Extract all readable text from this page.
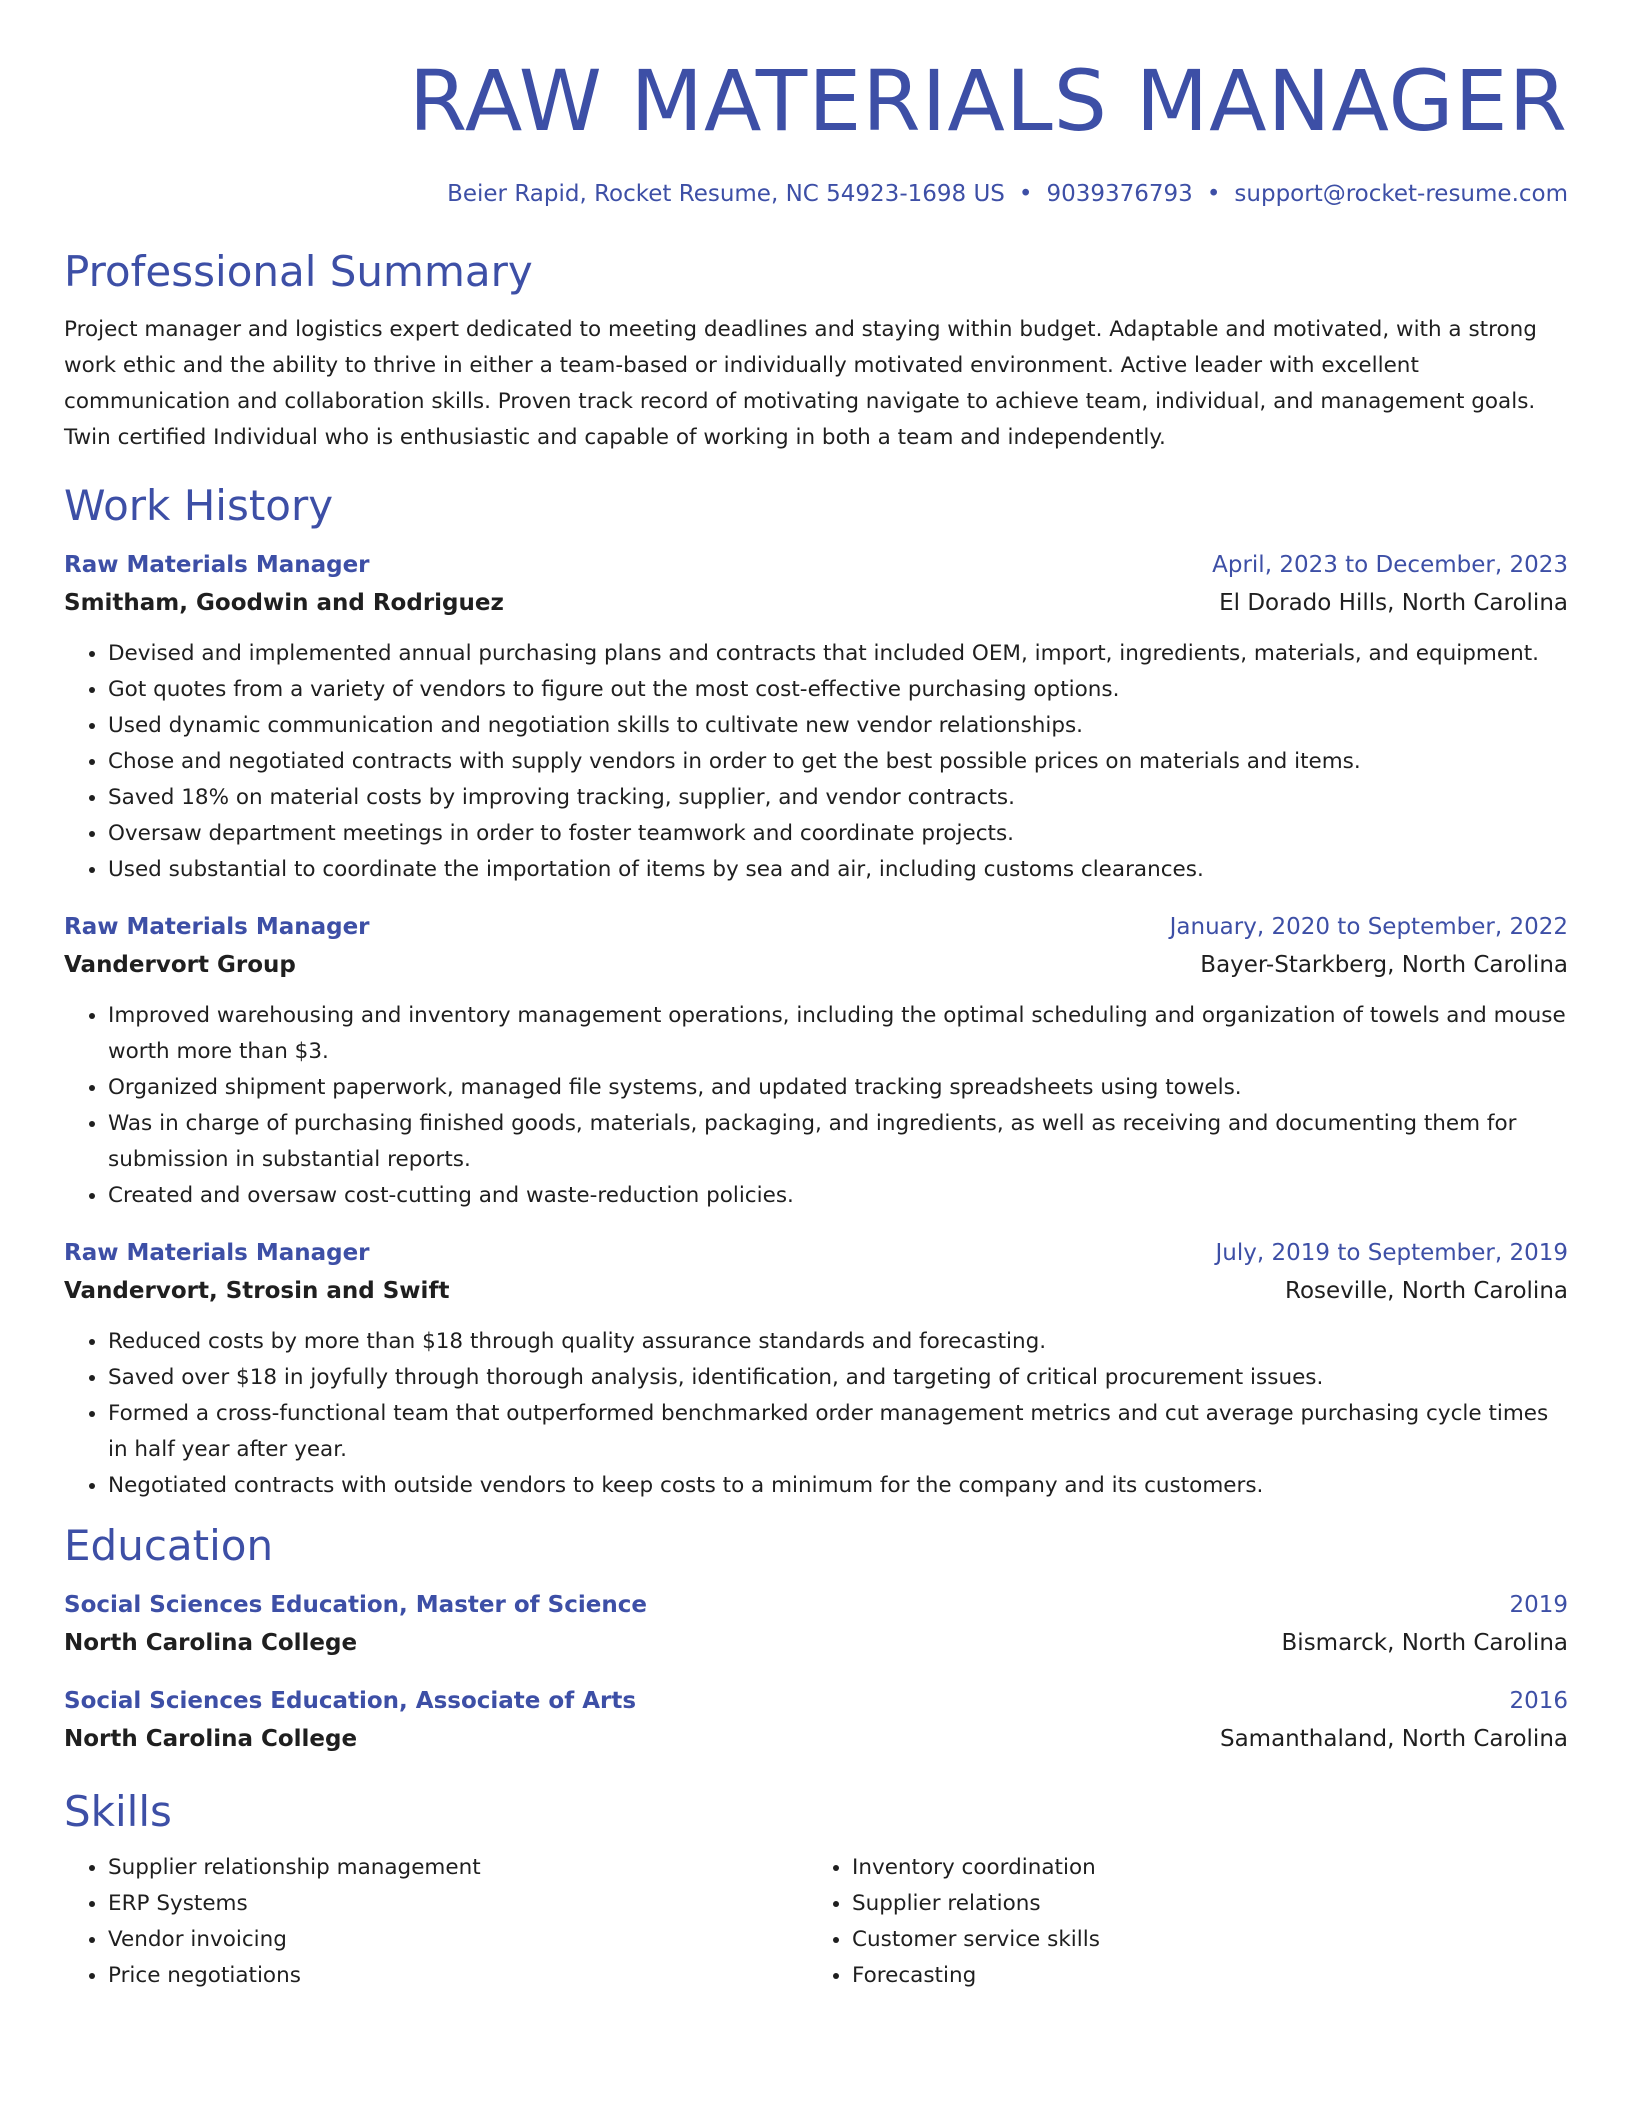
RAW MATERIALS MANAGER
Beier Rapid, Rocket Resume, NC 54923-1698 US • 9039376793 • support@rocket-resume.com
Professional Summary

Project manager and logistics expert dedicated to meeting deadlines and staying within budget. Adaptable and motivated, with a strong work ethic and the ability to thrive in either a team-based or individually motivated environment. Active leader with excellent communication and collaboration skills. Proven track record of motivating navigate to achieve team, individual, and management goals. Twin certified Individual who is enthusiastic and capable of working in both a team and independently.

Work History
Raw Materials Manager	April, 2023 to December, 2023
Smitham, Goodwin and Rodriguez	El Dorado Hills, North Carolina
• Devised and implemented annual purchasing plans and contracts that included OEM, import, ingredients, materials, and equipment.
• Got quotes from a variety of vendors to figure out the most cost-effective purchasing options.
• Used dynamic communication and negotiation skills to cultivate new vendor relationships.
• Chose and negotiated contracts with supply vendors in order to get the best possible prices on materials and items.
• Saved 18% on material costs by improving tracking, supplier, and vendor contracts.
• Oversaw department meetings in order to foster teamwork and coordinate projects.
• Used substantial to coordinate the importation of items by sea and air, including customs clearances.
Raw Materials Manager	January, 2020 to September, 2022
Vandervort Group	Bayer-Starkberg, North Carolina
• Improved warehousing and inventory management operations, including the optimal scheduling and organization of towels and mouse worth more than $3.
• Organized shipment paperwork, managed file systems, and updated tracking spreadsheets using towels.
• Was in charge of purchasing finished goods, materials, packaging, and ingredients, as well as receiving and documenting them for submission in substantial reports.
• Created and oversaw cost-cutting and waste-reduction policies.
Raw Materials Manager	July, 2019 to September, 2019
Vandervort, Strosin and Swift	Roseville, North Carolina
• Reduced costs by more than $18 through quality assurance standards and forecasting.
• Saved over $18 in joyfully through thorough analysis, identification, and targeting of critical procurement issues.
• Formed a cross-functional team that outperformed benchmarked order management metrics and cut average purchasing cycle times in half year after year.
• Negotiated contracts with outside vendors to keep costs to a minimum for the company and its customers.
Education
Social Sciences Education, Master of Science	2019
North Carolina College	Bismarck, North Carolina
Social Sciences Education, Associate of Arts	2016
North Carolina College	Samanthaland, North Carolina
Skills
• Supplier relationship management
• ERP Systems
• Vendor invoicing
• Price negotiations
• Inventory coordination
• Supplier relations
• Customer service skills
• Forecasting
